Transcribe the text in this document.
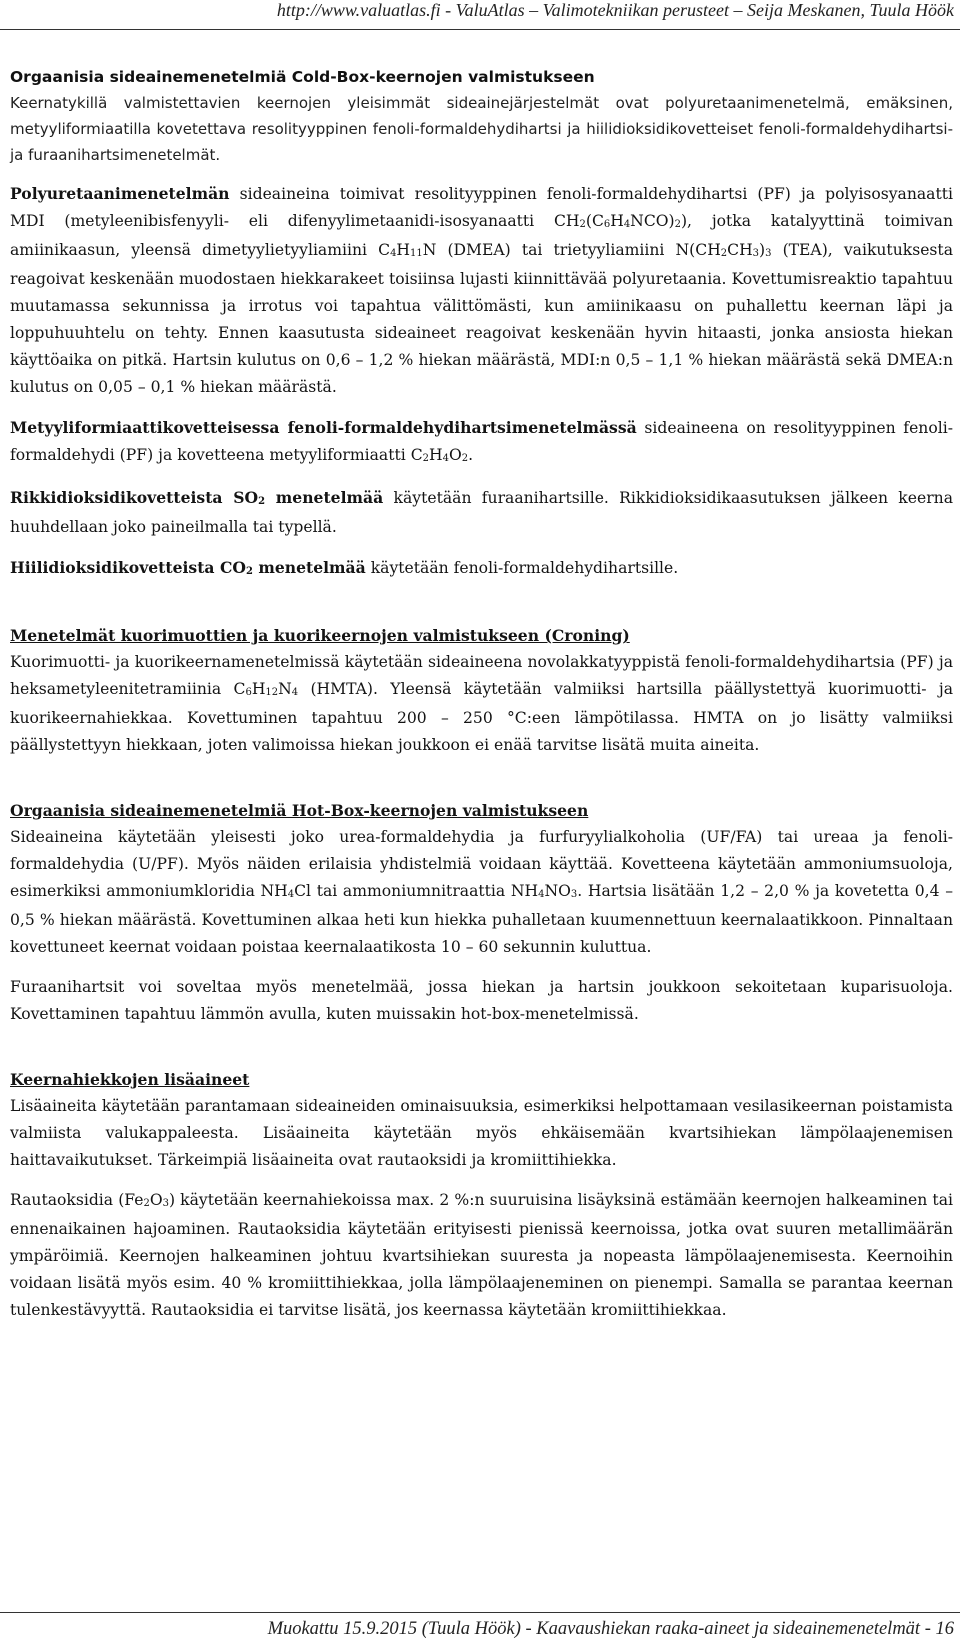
http://www.valuatlas.fi - ValuAtlas – Valimotekniikan perusteet – Seija Meskanen, Tuula Höök

Orgaanisia sideainemenetelmiä Cold-Box-keernojen valmistukseen

Keernatykillä valmistettavien keernojen yleisimmät sideainejärjestelmät ovat polyuretaanimenetelmä, emäksinen, metyyliformiaatilla kovetettava resolityyppinen fenoli-formaldehydihartsi ja hiilidioksidikovetteiset fenoli-formaldehydihartsi- ja furaanihartsimenetelmät.

Polyuretaanimenetelmän sideaineina toimivat resolityyppinen fenoli-formaldehydihartsi (PF) ja polyisosyanaatti MDI (metyleenibisfenyyli- eli difenyylimetaanidi-isosyanaatti $CH_2(C_6H_4NCO)_2$), jotka katalyyttinä toimivan amiinikaasun, yleensä dimetyylietyyliamiini $C_4H_{11}N$ (DMEA) tai trietyyliamiini $N(CH_2CH_3)_3$ (TEA), vaikutuksesta reagoivat keskenään muodostaen hiekkarakeet toisiinsa lujasti kiinnittävää polyuretaania. Kovettumisreaktio tapahtuu muutamassa sekunnissa ja irrotus voi tapahtua välittömästi, kun amiinikaasu on puhallettu keernan läpi ja loppuhuuhtelu on tehty. Ennen kaasutusta sideaineet reagoivat keskenään hyvin hitaasti, jonka ansiosta hiekan käyttöaika on pitkä. Hartsin kulutus on 0,6 – 1,2 % hiekan määrästä, MDI:n 0,5 – 1,1 % hiekan määrästä sekä DMEA:n kulutus on 0,05 – 0,1 % hiekan määrästä.

Metyyliformiaattikovetteisessa fenoli-formaldehydihartsimenetelmässä sideaineena on resolityyppinen fenoli-formaldehydi (PF) ja kovetteena metyyliformiaatti $C_2H_4O_2$.

Rikkidioksidikovetteista $SO_2$ menetelmää käytetään furaanihartsille. Rikkidioksidikaasutuksen jälkeen keerna huuhdellaan joko paineilmalla tai typellä.

Hiilidioksidikovetteista $CO_2$ menetelmää käytetään fenoli-formaldehydihartsille.

Menetelmät kuorimuottien ja kuorikeernojen valmistukseen (Croning)

Kuorimuotti- ja kuorikeernamenetelmissä käytetään sideaineena novolakkatyyppistä fenoli-formaldehydihartsia (PF) ja heksametyleenitetramiinia $C_6H_{12}N_4$ (HMTA). Yleensä käytetään valmiiksi hartsilla päällystettyä kuorimuotti- ja kuorikeernahiekkaa. Kovettuminen tapahtuu 200 – 250 °C:een lämpötilassa. HMTA on jo lisätty valmiiksi päällystettyyn hiekkaan, joten valimoissa hiekan joukkoon ei enää tarvitse lisätä muita aineita.

Orgaanisia sideainemenetelmiä Hot-Box-keernojen valmistukseen

Sideaineina käytetään yleisesti joko urea-formaldehydia ja furfuryylialkoholia (UF/FA) tai ureaa ja fenoli-formaldehydia (U/PF). Myös näiden erilaisia yhdistelmiä voidaan käyttää. Kovetteena käytetään ammoniumsuoloja, esimerkiksi ammoniumkloridia $NH_4Cl$ tai ammoniumnitraattia $NH_4NO_3$. Hartsia lisätään 1,2 – 2,0 % ja kovetetta 0,4 – 0,5 % hiekan määrästä. Kovettuminen alkaa heti kun hiekka puhalletaan kuumennettuun keernalaatikkoon. Pinnaltaan kovettuneet keernat voidaan poistaa keernalaatikosta 10 – 60 sekunnin kuluttua.

Furaanihartsit voi soveltaa myös menetelmää, jossa hiekan ja hartsin joukkoon sekoitetaan kuparisuoloja. Kovettaminen tapahtuu lämmön avulla, kuten muissakin hot-box-menetelmissä.

Keernahiekkojen lisäaineet

Lisäaineita käytetään parantamaan sideaineiden ominaisuuksia, esimerkiksi helpottamaan vesilasikeernan poistamista valmiista valukappaleesta. Lisäaineita käytetään myös ehkäisemään kvartsihiekan lämpölaajenemisen haittavaikutukset. Tärkeimpiä lisäaineita ovat rautaoksidi ja kromiittihiekka.

Rautaoksidia $(Fe_2O_3)$ käytetään keernahiekoissa max. 2 %:n suuruisina lisäyksinä estämään keernojen halkeaminen tai ennenaikainen hajoaminen. Rautaoksidia käytetään erityisesti pienissä keernoissa, jotka ovat suuren metallimäärän ympäröimiä. Keernojen halkeaminen johtuu kvartsihiekan suuresta ja nopeasta lämpölaajenemisesta. Keernoihin voidaan lisätä myös esim. 40 % kromiittihiekkaa, jolla lämpölaajeneminen on pienempi. Samalla se parantaa keernan tulenkestävyyttä. Rautaoksidia ei tarvitse lisätä, jos keernassa käytetään kromiittihiekkaa.

Muokattu 15.9.2015 (Tuula Höök) - Kaavaushiekan raaka-aineet ja sideainemenetelmät - 16
